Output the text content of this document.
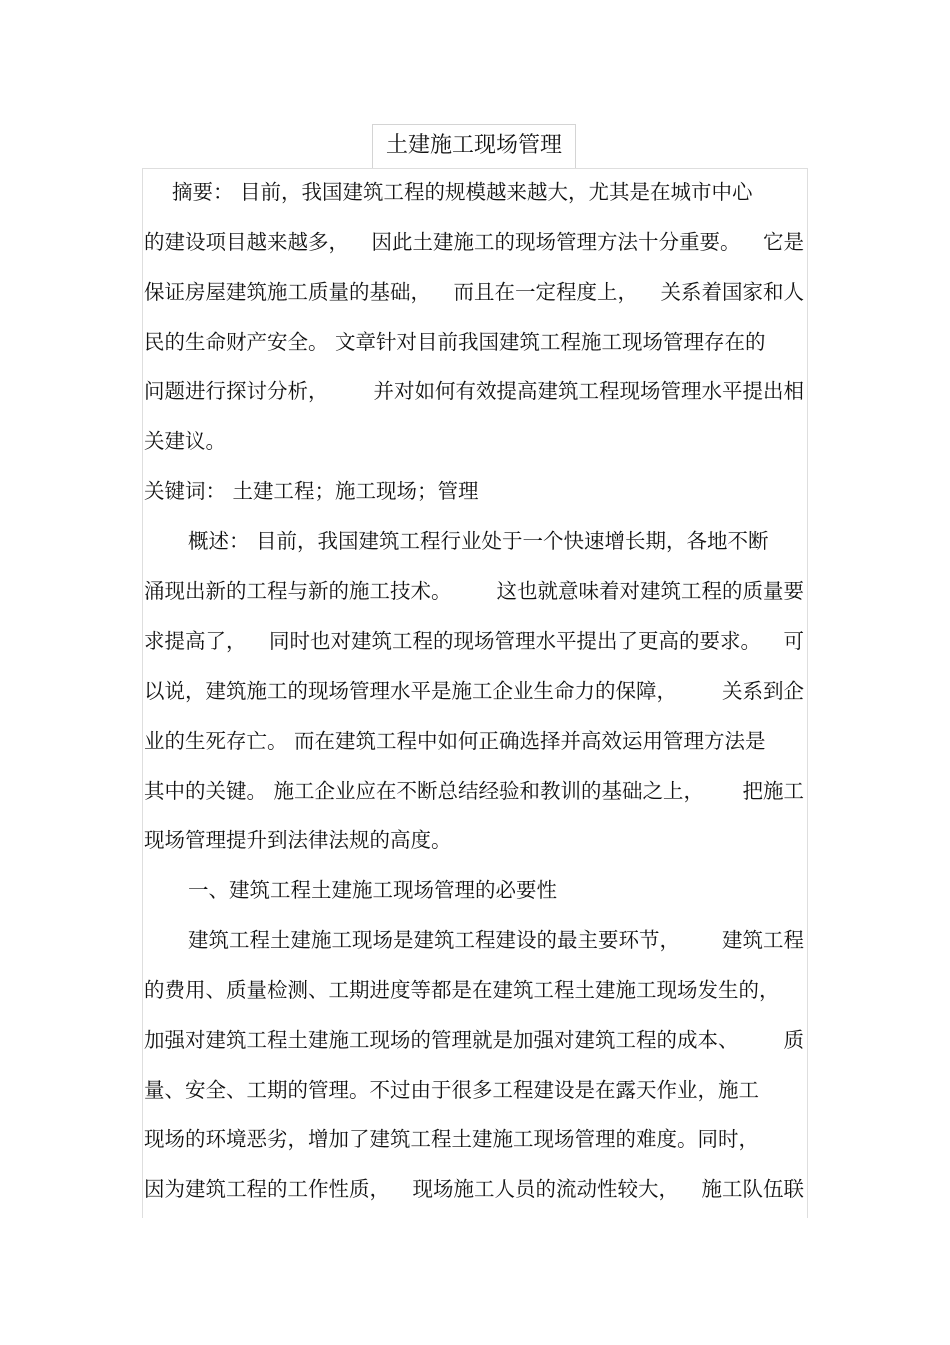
土建施工现场管理
摘要： 目前，我国建筑工程的规模越来越大，尤其是在城市中心
的建设项目越来越多， 因此土建施工的现场管理方法十分重要。 它是
保证房屋建筑施工质量的基础， 而且在一定程度上， 关系着国家和人
民的生命财产安全。 文章针对目前我国建筑工程施工现场管理存在的
问题进行探讨分析， 并对如何有效提高建筑工程现场管理水平提出相
关建议。
关键词： 土建工程；施工现场；管理
概述： 目前，我国建筑工程行业处于一个快速增长期，各地不断
涌现出新的工程与新的施工技术。 这也就意味着对建筑工程的质量要
求提高了， 同时也对建筑工程的现场管理水平提出了更高的要求。 可
以说，建筑施工的现场管理水平是施工企业生命力的保障， 关系到企
业的生死存亡。 而在建筑工程中如何正确选择并高效运用管理方法是
其中的关键。 施工企业应在不断总结经验和教训的基础之上， 把施工
现场管理提升到法律法规的高度。
一、建筑工程土建施工现场管理的必要性
建筑工程土建施工现场是建筑工程建设的最主要环节， 建筑工程
的费用、质量检测、工期进度等都是在建筑工程土建施工现场发生的，
加强对建筑工程土建施工现场的管理就是加强对建筑工程的成本、 质
量、安全、工期的管理。不过由于很多工程建设是在露天作业，施工
现场的环境恶劣，增加了建筑工程土建施工现场管理的难度。同时，
因为建筑工程的工作性质， 现场施工人员的流动性较大， 施工队伍联
